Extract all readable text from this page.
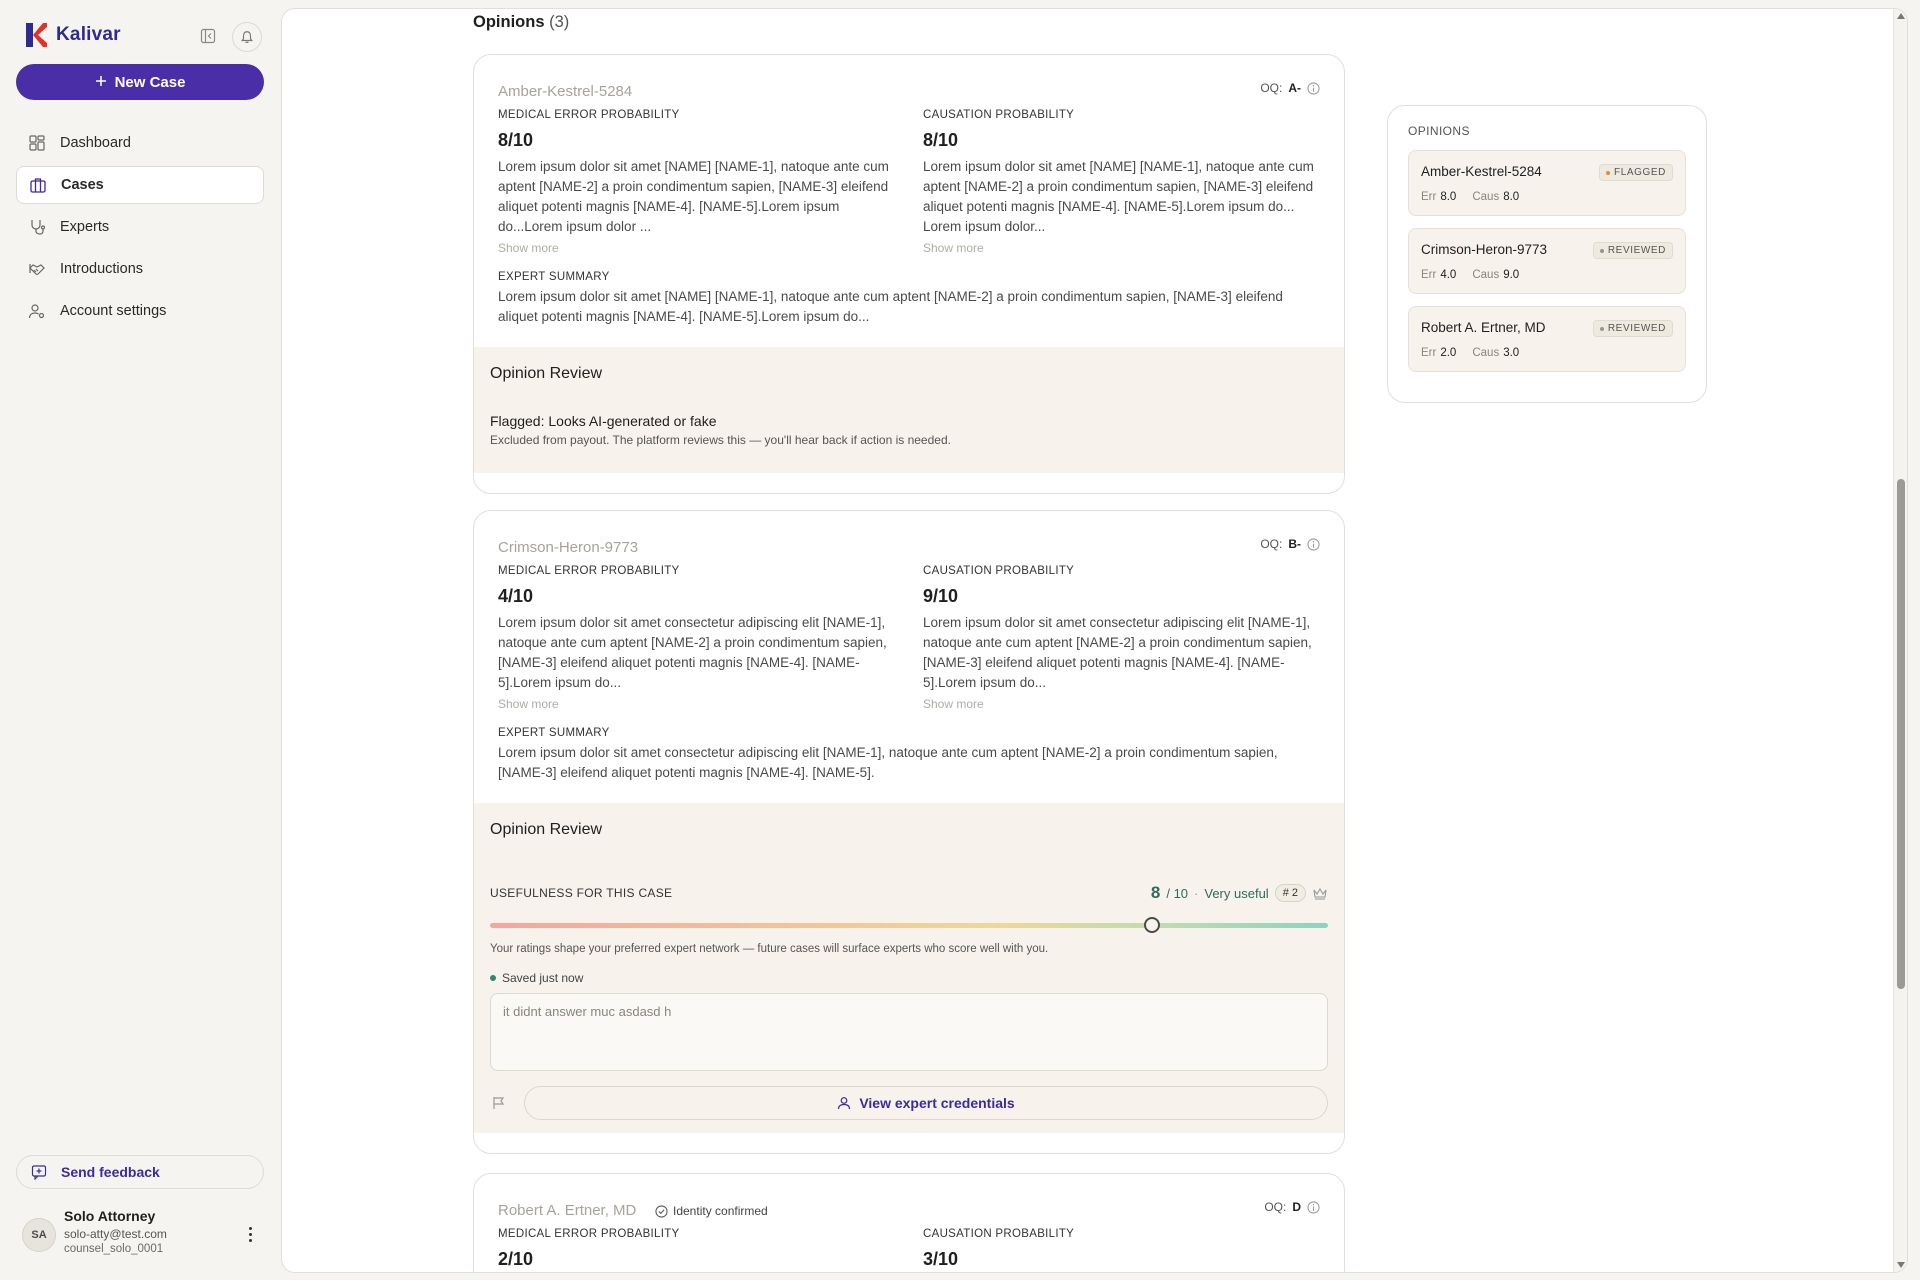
Kalivar
New Case
Dashboard
Cases
Experts
Introductions
Account settings
Send feedback
SA
Solo Attorney
solo-atty@test.com
counsel_solo_0001
Opinions (3)
Amber-Kestrel-5284	OQ: A-
MEDICAL ERROR PROBABILITY
8/10
Lorem ipsum dolor sit amet [NAME] [NAME-1], natoque ante cum aptent [NAME-2] a proin condimentum sapien, [NAME-3] eleifend aliquet potenti magnis [NAME-4]. [NAME-5].Lorem ipsum do...Lorem ipsum dolor ...
Show more
CAUSATION PROBABILITY
8/10
Lorem ipsum dolor sit amet [NAME] [NAME-1], natoque ante cum aptent [NAME-2] a proin condimentum sapien, [NAME-3] eleifend aliquet potenti magnis [NAME-4]. [NAME-5].Lorem ipsum do... Lorem ipsum dolor...
Show more
EXPERT SUMMARY
Lorem ipsum dolor sit amet [NAME] [NAME-1], natoque ante cum aptent [NAME-2] a proin condimentum sapien, [NAME-3] eleifend aliquet potenti magnis [NAME-4]. [NAME-5].Lorem ipsum do...
Opinion Review
Flagged: Looks AI-generated or fake
Excluded from payout. The platform reviews this — you'll hear back if action is needed.
Crimson-Heron-9773	OQ: B-
MEDICAL ERROR PROBABILITY
4/10
Lorem ipsum dolor sit amet consectetur adipiscing elit [NAME-1], natoque ante cum aptent [NAME-2] a proin condimentum sapien, [NAME-3] eleifend aliquet potenti magnis [NAME-4]. [NAME-5].Lorem ipsum do...
Show more
CAUSATION PROBABILITY
9/10
Lorem ipsum dolor sit amet consectetur adipiscing elit [NAME-1], natoque ante cum aptent [NAME-2] a proin condimentum sapien, [NAME-3] eleifend aliquet potenti magnis [NAME-4]. [NAME-5].Lorem ipsum do...
Show more
EXPERT SUMMARY
Lorem ipsum dolor sit amet consectetur adipiscing elit [NAME-1], natoque ante cum aptent [NAME-2] a proin condimentum sapien, [NAME-3] eleifend aliquet potenti magnis [NAME-4]. [NAME-5].
Opinion Review
USEFULNESS FOR THIS CASE	8 / 10 · Very useful	# 2
Your ratings shape your preferred expert network — future cases will surface experts who score well with you.
Saved just now
it didnt answer muc asdasd h
View expert credentials
Robert A. Ertner, MD	Identity confirmed	OQ: D
MEDICAL ERROR PROBABILITY
2/10
CAUSATION PROBABILITY
3/10
OPINIONS
Amber-Kestrel-5284	FLAGGED
Err 8.0 Caus 8.0
Crimson-Heron-9773	REVIEWED
Err 4.0 Caus 9.0
Robert A. Ertner, MD	REVIEWED
Err 2.0 Caus 3.0
